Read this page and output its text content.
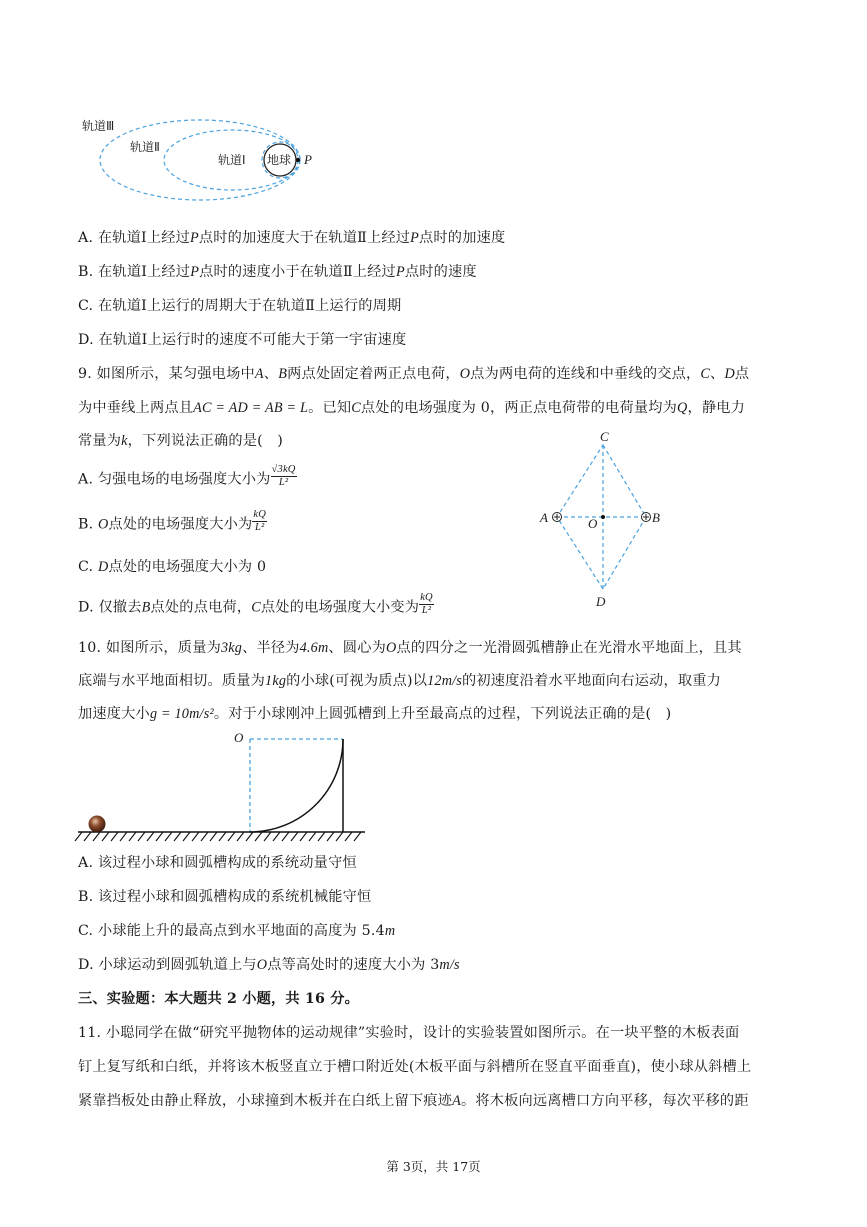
轨道Ⅲ
轨道Ⅱ
轨道Ⅰ 地球 P
A. 在轨道Ⅰ上经过P点时的加速度大于在轨道Ⅱ上经过P点时的加速度
B. 在轨道Ⅰ上经过P点时的速度小于在轨道Ⅱ上经过P点时的速度
C. 在轨道Ⅰ上运行的周期大于在轨道Ⅱ上运行的周期
D. 在轨道Ⅰ上运行时的速度不可能大于第一宇宙速度
9. 如图所示，某匀强电场中A、B两点处固定着两正点电荷，O点为两电荷的连线和中垂线的交点，C、D点
为中垂线上两点且AC = AD = AB = L。已知C点处的电场强度为 0，两正点电荷带的电荷量均为Q，静电力
常量为k，下列说法正确的是(　)
A. 匀强电场的电场强度大小为 $\frac{√3kQ}{\text{L²}}$
B. O点处的电场强度大小为 $\frac{kQ}{\text{L²}}$
C. D点处的电场强度大小为 0
D. 仅撤去B点处的点电荷，C点处的电场强度大小变为 $\frac{kQ}{\text{L²}}$
C
A	O	B
D
10. 如图所示，质量为3kg、半径为4.6m、圆心为O点的四分之一光滑圆弧槽静止在光滑水平地面上，且其
底端与水平地面相切。质量为1kg的小球(可视为质点)以12m/s的初速度沿着水平地面向右运动，取重力
加速度大小g = 10m/s²。对于小球刚冲上圆弧槽到上升至最高点的过程，下列说法正确的是(　)
O
A. 该过程小球和圆弧槽构成的系统动量守恒
B. 该过程小球和圆弧槽构成的系统机械能守恒
C. 小球能上升的最高点到水平地面的高度为 5.4m
D. 小球运动到圆弧轨道上与O点等高处时的速度大小为 3m/s
三、实验题：本大题共 2 小题，共 16 分。
11. 小聪同学在做“研究平抛物体的运动规律”实验时，设计的实验装置如图所示。在一块平整的木板表面
钉上复写纸和白纸，并将该木板竖直立于槽口附近处(木板平面与斜槽所在竖直平面垂直)，使小球从斜槽上
紧靠挡板处由静止释放，小球撞到木板并在白纸上留下痕迹A。将木板向远离槽口方向平移，每次平移的距
第 3页，共 17页
